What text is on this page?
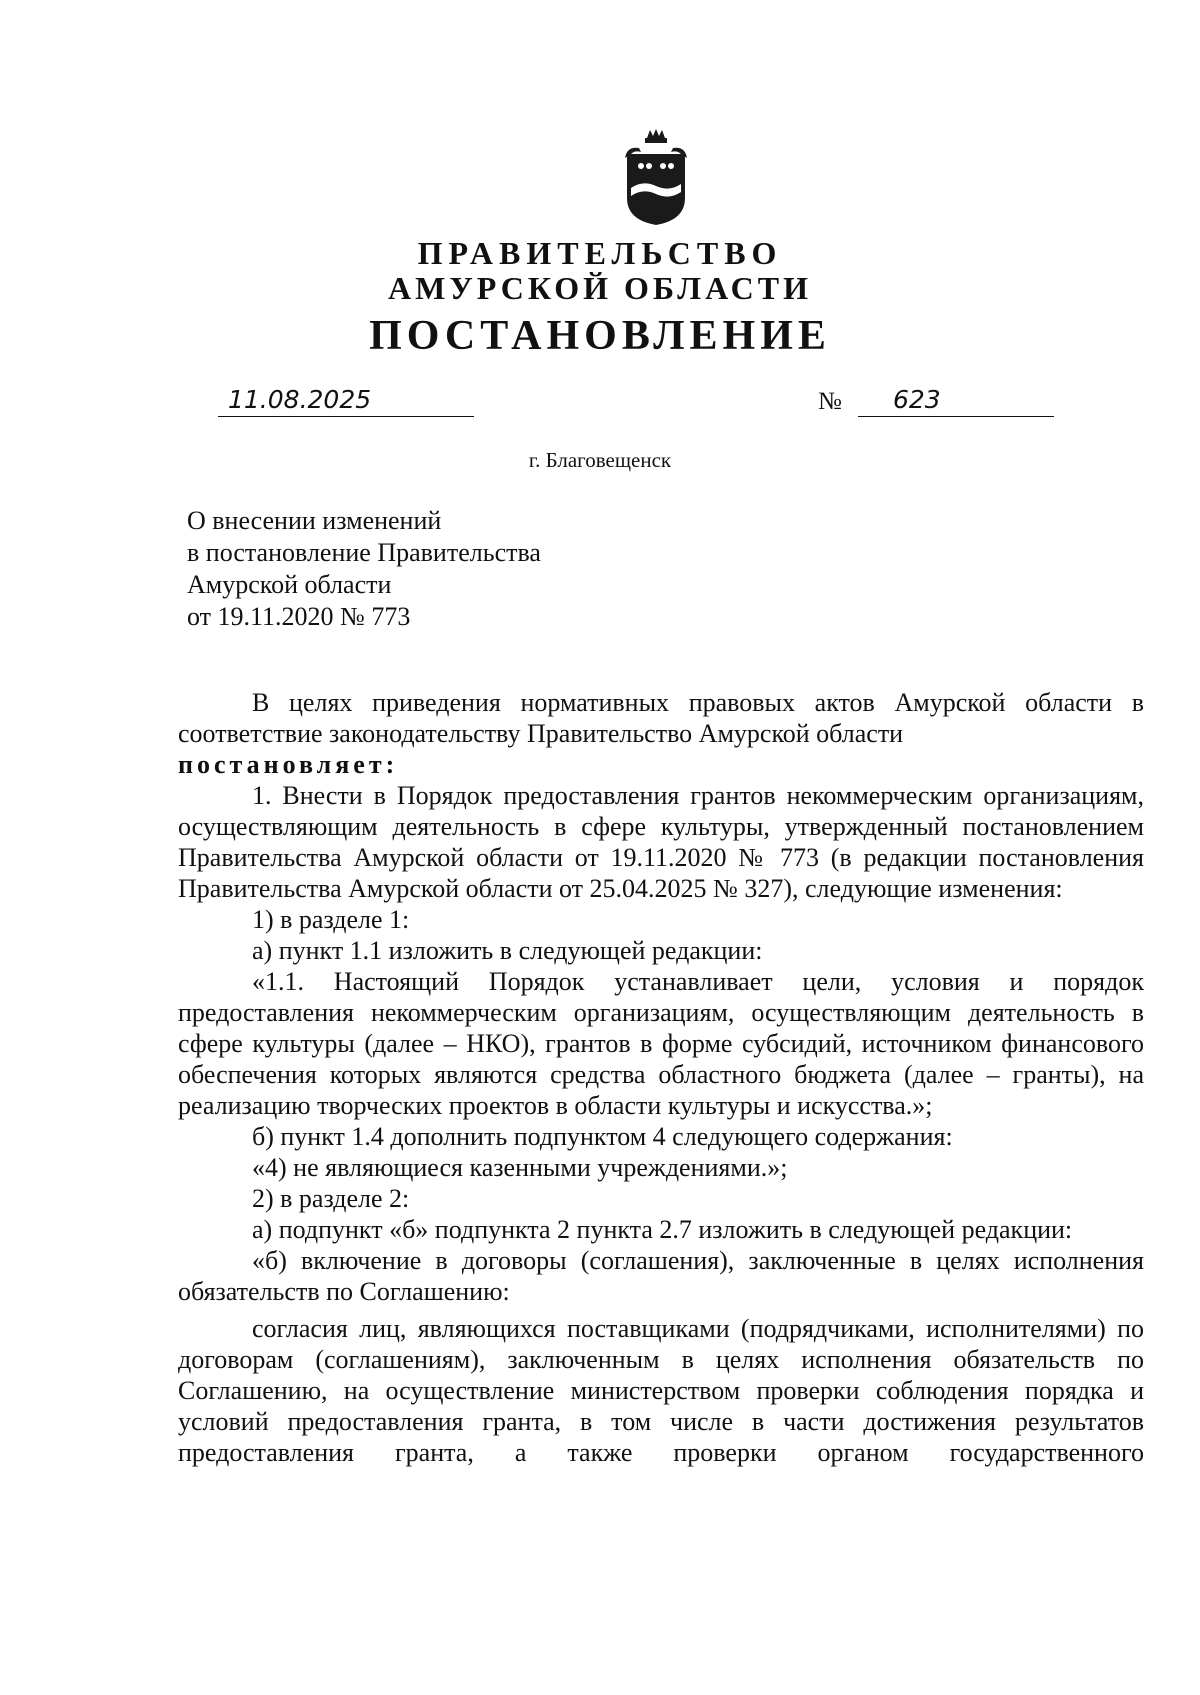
ПРАВИТЕЛЬСТВО
АМУРСКОЙ ОБЛАСТИ
ПОСТАНОВЛЕНИЕ
11.08.2025	№ 623
г. Благовещенск
О внесении изменений
в постановление Правительства
Амурской области
от 19.11.2020 № 773

В целях приведения нормативных правовых актов Амурской области в соответствие законодательству Правительство Амурской области

постановляет:

1. Внести в Порядок предоставления грантов некоммерческим организациям, осуществляющим деятельность в сфере культуры, утвержденный постановлением Правительства Амурской области от 19.11.2020 № 773 (в редакции постановления Правительства Амурской области от 25.04.2025 № 327), следующие изменения:

1) в разделе 1:

а) пункт 1.1 изложить в следующей редакции:

«1.1. Настоящий Порядок устанавливает цели, условия и порядок предоставления некоммерческим организациям, осуществляющим деятельность в сфере культуры (далее – НКО), грантов в форме субсидий, источником финансового обеспечения которых являются средства областного бюджета (далее – гранты), на реализацию творческих проектов в области культуры и искусства.»;

б) пункт 1.4 дополнить подпунктом 4 следующего содержания:

«4) не являющиеся казенными учреждениями.»;

2) в разделе 2:

а) подпункт «б» подпункта 2 пункта 2.7 изложить в следующей редакции:

«б) включение в договоры (соглашения), заключенные в целях исполнения обязательств по Соглашению:

согласия лиц, являющихся поставщиками (подрядчиками, исполнителями) по договорам (соглашениям), заключенным в целях исполнения обязательств по Соглашению, на осуществление министерством проверки соблюдения порядка и условий предоставления гранта, в том числе в части достижения результатов предоставления гранта, а также проверки органом государственного
